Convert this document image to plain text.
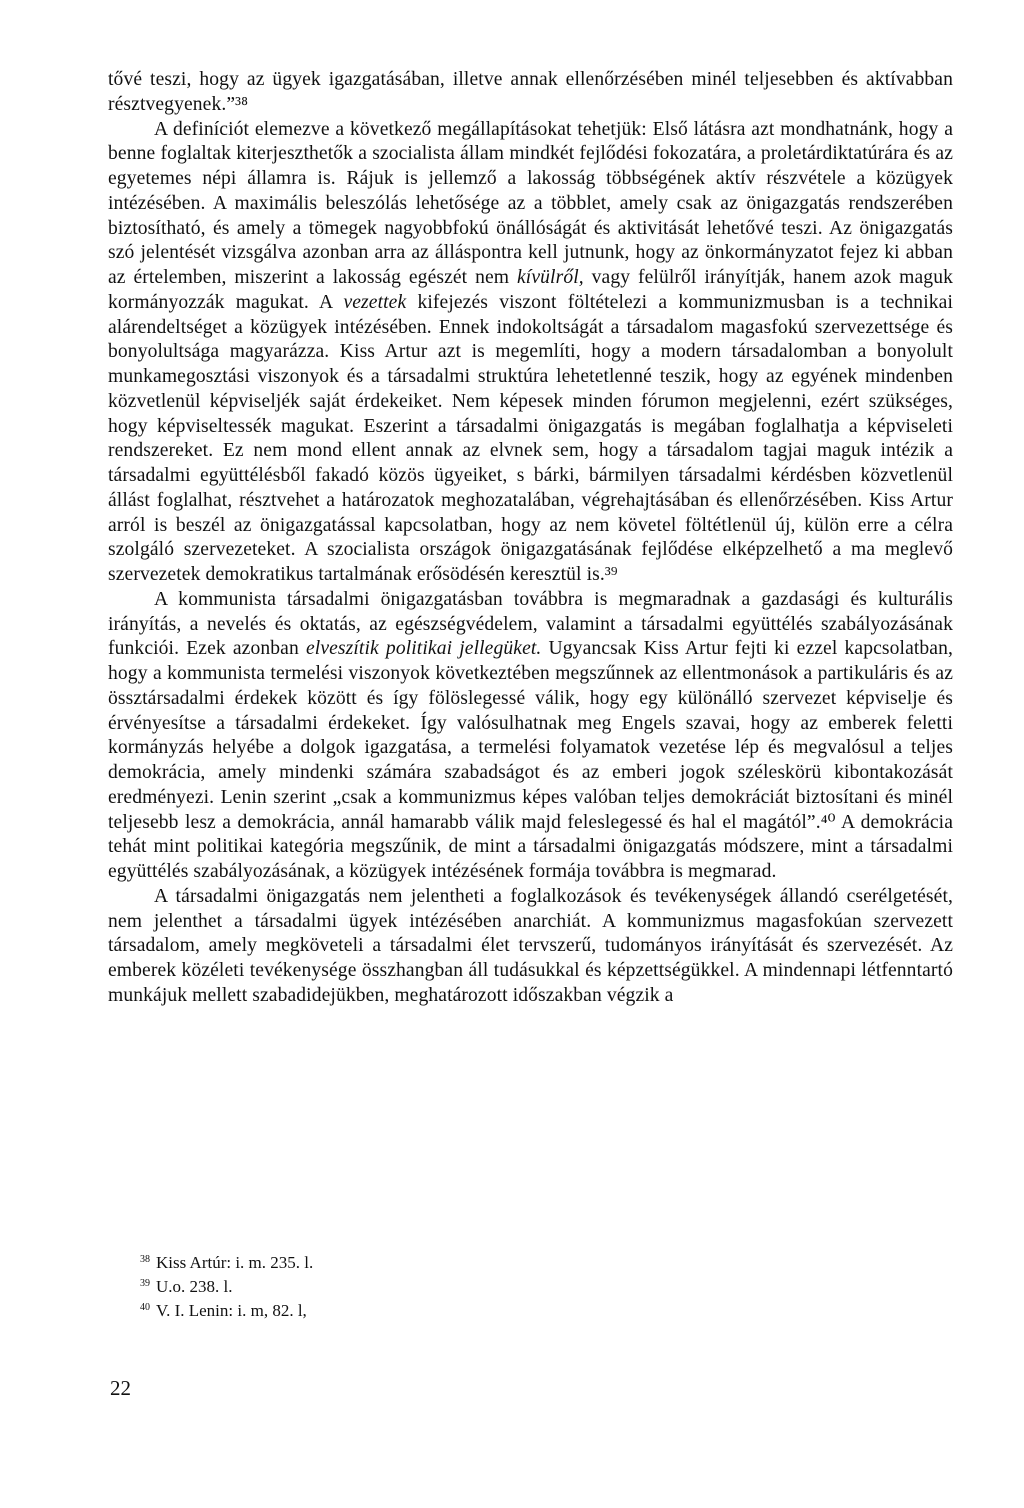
tővé teszi, hogy az ügyek igazgatásában, illetve annak ellenőrzésében minél teljesebben és aktívabban résztvegyenek.”³⁸

A definíciót elemezve a következő megállapításokat tehetjük: Első látásra azt mondhatnánk, hogy a benne foglaltak kiterjeszthetők a szocialista állam mindkét fejlődési fokozatára, a proletárdiktatúrára és az egyetemes népi államra is. Rájuk is jellemző a lakosság többségének aktív részvétele a közügyek intézésében. A maximális beleszólás lehetősége az a többlet, amely csak az önigazgatás rendszerében biztosítható, és amely a tömegek nagyobbfokú önállóságát és aktivitását lehetővé teszi. Az önigazgatás szó jelentését vizsgálva azonban arra az álláspontra kell jutnunk, hogy az önkormányzatot fejez ki abban az értelemben, miszerint a lakosság egészét nem kívülről, vagy felülről irányítják, hanem azok maguk kormányozzák magukat. A vezettek kifejezés viszont föltételezi a kommunizmusban is a technikai alárendeltséget a közügyek intézésében. Ennek indokoltságát a társadalom magasfokú szervezettsége és bonyolultsága magyarázza. Kiss Artur azt is megemlíti, hogy a modern társadalomban a bonyolult munkamegosztási viszonyok és a társadalmi struktúra lehetetlenné teszik, hogy az egyének mindenben közvetlenül képviseljék saját érdekeiket. Nem képesek minden fórumon megjelenni, ezért szükséges, hogy képviseltessék magukat. Eszerint a társadalmi önigazgatás is megában foglalhatja a képviseleti rendszereket. Ez nem mond ellent annak az elvnek sem, hogy a társadalom tagjai maguk intézik a társadalmi együttélésből fakadó közös ügyeiket, s bárki, bármilyen társadalmi kérdésben közvetlenül állást foglalhat, résztvehet a határozatok meghozatalában, végrehajtásában és ellenőrzésében. Kiss Artur arról is beszél az önigazgatással kapcsolatban, hogy az nem követel föltétlenül új, külön erre a célra szolgáló szervezeteket. A szocialista országok önigazgatásának fejlődése elképzelhető a ma meglevő szervezetek demokratikus tartalmának erősödésén keresztül is.³⁹

A kommunista társadalmi önigazgatásban továbbra is megmaradnak a gazdasági és kulturális irányítás, a nevelés és oktatás, az egészségvédelem, valamint a társadalmi együttélés szabályozásának funkciói. Ezek azonban elveszítik politikai jellegüket. Ugyancsak Kiss Artur fejti ki ezzel kapcsolatban, hogy a kommunista termelési viszonyok következtében megszűnnek az ellentmonások a partikuláris és az össztársadalmi érdekek között és így fölöslegessé válik, hogy egy különálló szervezet képviselje és érvényesítse a társadalmi érdekeket. Így valósulhatnak meg Engels szavai, hogy az emberek feletti kormányzás helyébe a dolgok igazgatása, a termelési folyamatok vezetése lép és megvalósul a teljes demokrácia, amely mindenki számára szabadságot és az emberi jogok széleskörü kibontakozását eredményezi. Lenin szerint „csak a kommunizmus képes valóban teljes demokráciát biztosítani és minél teljesebb lesz a demokrácia, annál hamarabb válik majd feleslegessé és hal el magától”.⁴⁰ A demokrácia tehát mint politikai kategória megszűnik, de mint a társadalmi önigazgatás módszere, mint a társadalmi együttélés szabályozásának, a közügyek intézésének formája továbbra is megmarad.

A társadalmi önigazgatás nem jelentheti a foglalkozások és tevékenységek állandó cserélgetését, nem jelenthet a társadalmi ügyek intézésében anarchiát. A kommunizmus magasfokúan szervezett társadalom, amely megköveteli a társadalmi élet tervszerű, tudományos irányítását és szervezését. Az emberek közéleti tevékenysége összhangban áll tudásukkal és képzettségükkel. A mindennapi létfenntartó munkájuk mellett szabadidejükben, meghatározott időszakban végzik a

$^{38}$ Kiss Artúr: i. m. 235. l.
$^{39}$ U.o. 238. l.
$^{40}$ V. I. Lenin: i. m, 82. l,
22
